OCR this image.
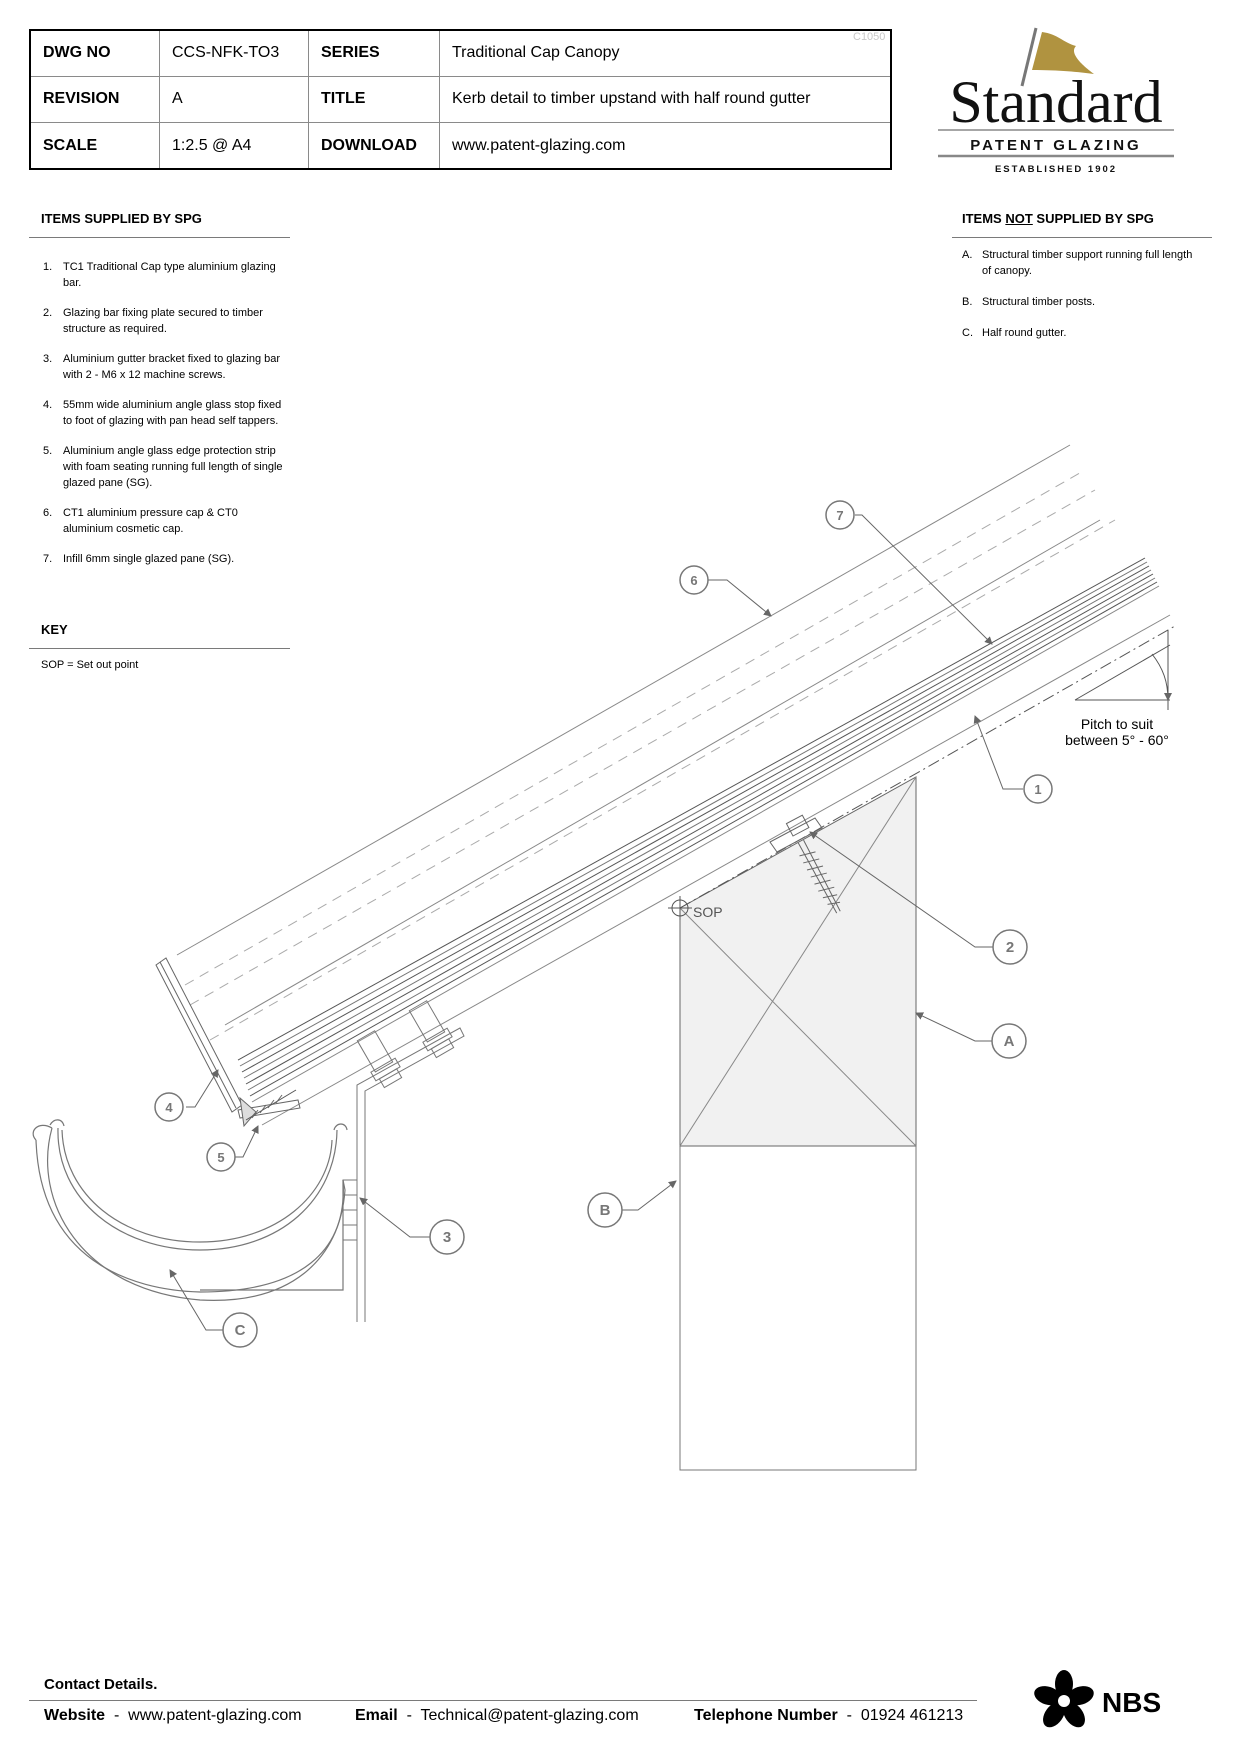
DWG NO	CCS-NFK-TO3	SERIES	Traditional Cap Canopy
REVISION	A	TITLE	Kerb detail to timber upstand with half round gutter
SCALE	1:2.5 @ A4	DOWNLOAD	www.patent-glazing.com
C1050
Standard
PATENT GLAZING
ESTABLISHED 1902
ITEMS SUPPLIED BY SPG
1. TC1 Traditional Cap type aluminium glazing bar.
2. Glazing bar fixing plate secured to timber structure as required.
3. Aluminium gutter bracket fixed to glazing bar with 2 - M6 x 12 machine screws.
4. 55mm wide aluminium angle glass stop fixed to foot of glazing with pan head self tappers.
5. Aluminium angle glass edge protection strip with foam seating running full length of single glazed pane (SG).
6. CT1 aluminium pressure cap & CT0 aluminium cosmetic cap.
7. Infill 6mm single glazed pane (SG).
KEY
SOP = Set out point
ITEMS NOT SUPPLIED BY SPG
A. Structural timber support running full length of canopy.
B. Structural timber posts.
C. Half round gutter.
SOP
Pitch to suit
between 5° - 60°
1
2
3
4
5
6
7
A
B
C
Contact Details.
Website - www.patent-glazing.com	Email - Technical@patent-glazing.com	Telephone Number - 01924 461213	NBS
